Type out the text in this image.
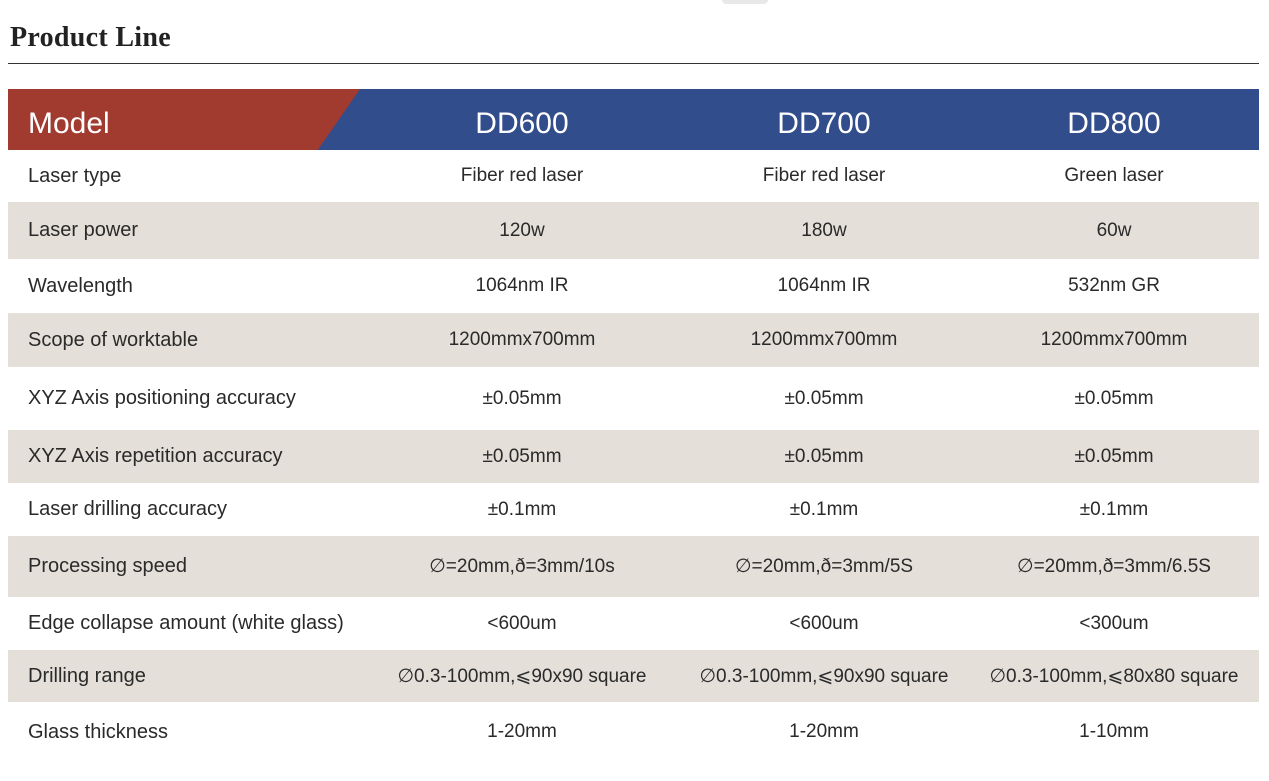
Product Line
Model	DD600	DD700	DD800
Laser type	Fiber red laser	Fiber red laser	Green laser
Laser power	120w	180w	60w
Wavelength	1064nm IR	1064nm IR	532nm GR
Scope of worktable	1200mmx700mm	1200mmx700mm	1200mmx700mm
XYZ Axis positioning accuracy	±0.05mm	±0.05mm	±0.05mm
XYZ Axis repetition accuracy	±0.05mm	±0.05mm	±0.05mm
Laser drilling accuracy	±0.1mm	±0.1mm	±0.1mm
Processing speed	∅=20mm,ð=3mm/10s	∅=20mm,ð=3mm/5S	∅=20mm,ð=3mm/6.5S
Edge collapse amount (white glass)	<600um	<600um	<300um
Drilling range	∅0.3-100mm,⩽90x90 square	∅0.3-100mm,⩽90x90 square	∅0.3-100mm,⩽80x80 square
Glass thickness	1-20mm	1-20mm	1-10mm
